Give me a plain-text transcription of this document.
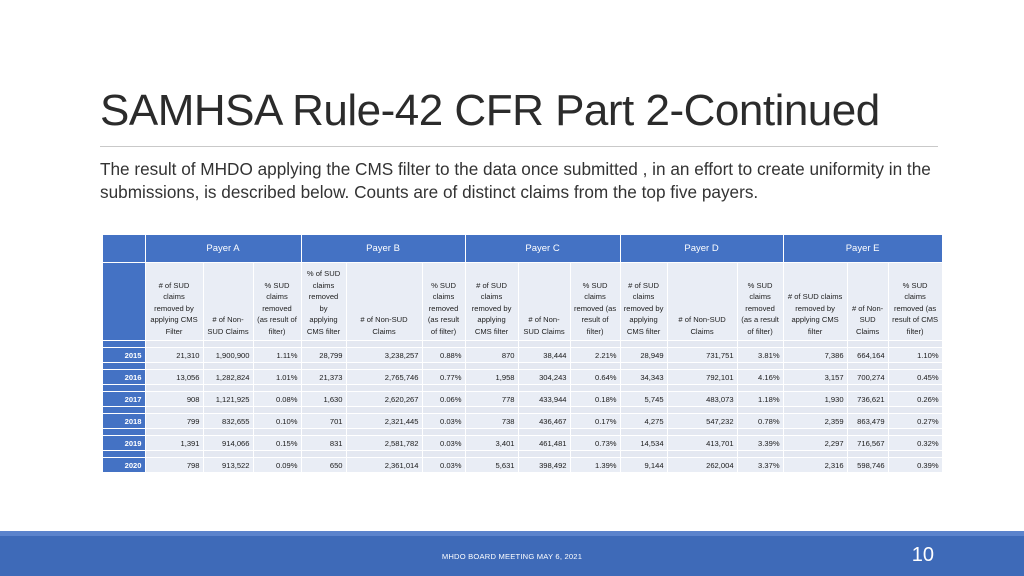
SAMHSA Rule-42 CFR Part 2-Continued
The result of MHDO applying the CMS filter to the data once submitted , in an effort to create uniformity in the submissions, is described below. Counts are of distinct claims from the top five payers.
	Payer A			Payer B			Payer C			Payer D			Payer E		
	# of SUD claims removed by applying CMS Filter	# of Non-SUD Claims	% SUD claims removed (as result of filter)	% of SUD claims removed by applying CMS filter	# of Non-SUD Claims	% SUD claims removed (as result of filter)	# of SUD claims removed by applying CMS filter	# of Non-SUD Claims	% SUD claims removed (as result of filter)	# of SUD claims removed by applying CMS filter	# of Non-SUD Claims	% SUD claims removed (as a result of filter)	# of SUD claims removed by applying CMS filter	# of Non-SUD Claims	% SUD claims removed (as result of CMS filter)

2015	21,310	1,900,900	1.11%	28,799	3,238,257	0.88%	870	38,444	2.21%	28,949	731,751	3.81%	7,386	664,164	1.10%

2016	13,056	1,282,824	1.01%	21,373	2,765,746	0.77%	1,958	304,243	0.64%	34,343	792,101	4.16%	3,157	700,274	0.45%

2017	908	1,121,925	0.08%	1,630	2,620,267	0.06%	778	433,944	0.18%	5,745	483,073	1.18%	1,930	736,621	0.26%

2018	799	832,655	0.10%	701	2,321,445	0.03%	738	436,467	0.17%	4,275	547,232	0.78%	2,359	863,479	0.27%

2019	1,391	914,066	0.15%	831	2,581,782	0.03%	3,401	461,481	0.73%	14,534	413,701	3.39%	2,297	716,567	0.32%

2020	798	913,522	0.09%	650	2,361,014	0.03%	5,631	398,492	1.39%	9,144	262,004	3.37%	2,316	598,746	0.39%
MHDO BOARD MEETING MAY 6, 2021	10
